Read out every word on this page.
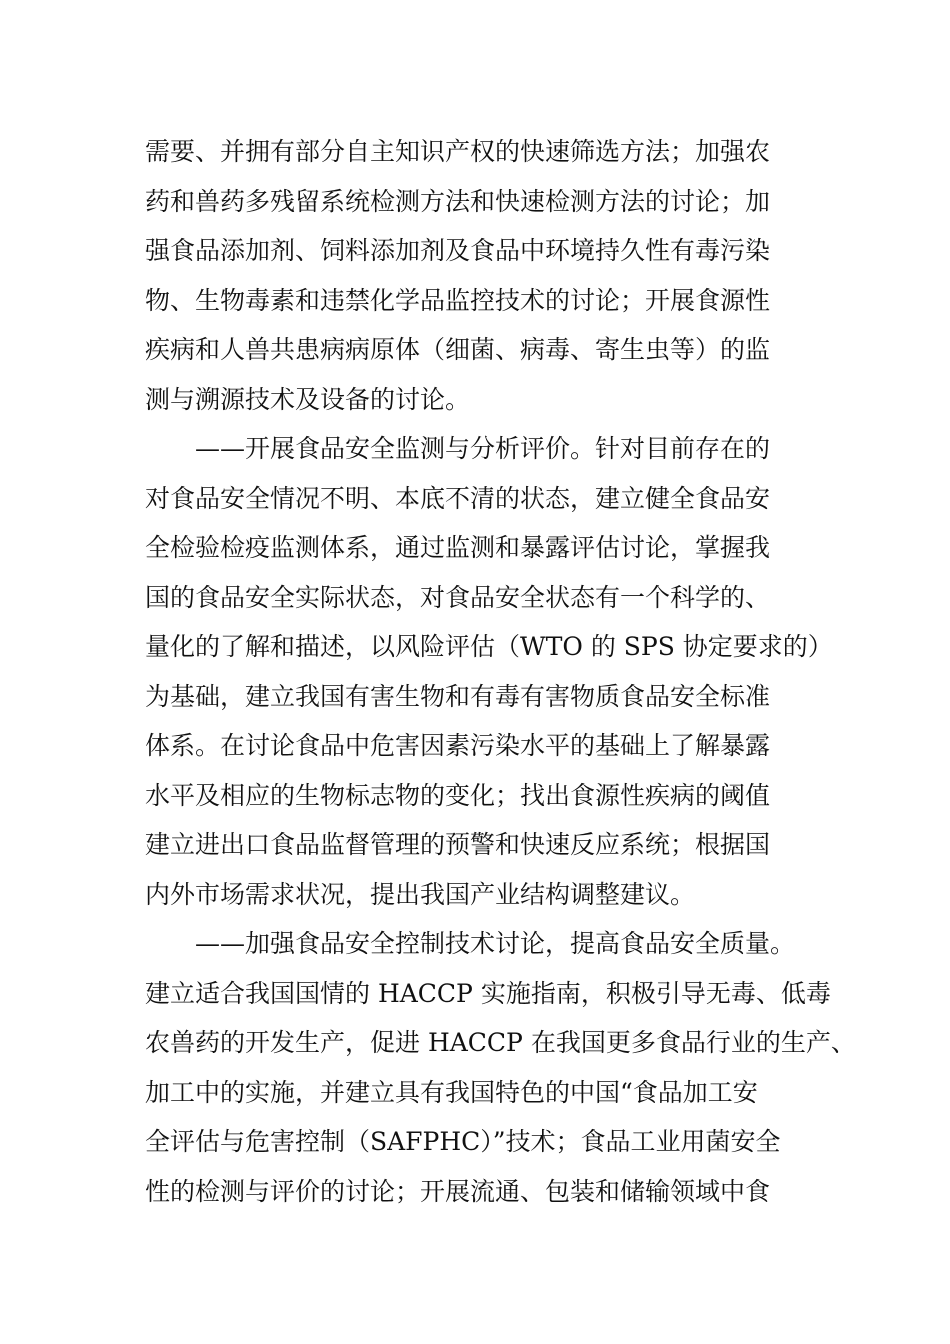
需要、并拥有部分自主知识产权的快速筛选方法；加强农
药和兽药多残留系统检测方法和快速检测方法的讨论；加
强食品添加剂、饲料添加剂及食品中环境持久性有毒污染
物、生物毒素和违禁化学品监控技术的讨论；开展食源性
疾病和人兽共患病病原体（细菌、病毒、寄生虫等）的监
测与溯源技术及设备的讨论。
　　——开展食品安全监测与分析评价。针对目前存在的
对食品安全情况不明、本底不清的状态，建立健全食品安
全检验检疫监测体系，通过监测和暴露评估讨论，掌握我
国的食品安全实际状态，对食品安全状态有一个科学的、
量化的了解和描述，以风险评估（WTO 的 SPS 协定要求的）
为基础，建立我国有害生物和有毒有害物质食品安全标准
体系。在讨论食品中危害因素污染水平的基础上了解暴露
水平及相应的生物标志物的变化；找出食源性疾病的阈值
建立进出口食品监督管理的预警和快速反应系统；根据国
内外市场需求状况，提出我国产业结构调整建议。
　　——加强食品安全控制技术讨论，提高食品安全质量。
建立适合我国国情的 HACCP 实施指南，积极引导无毒、低毒
农兽药的开发生产，促进 HACCP 在我国更多食品行业的生产、
加工中的实施，并建立具有我国特色的中国“食品加工安
全评估与危害控制（SAFPHC）”技术；食品工业用菌安全
性的检测与评价的讨论；开展流通、包装和储输领域中食
